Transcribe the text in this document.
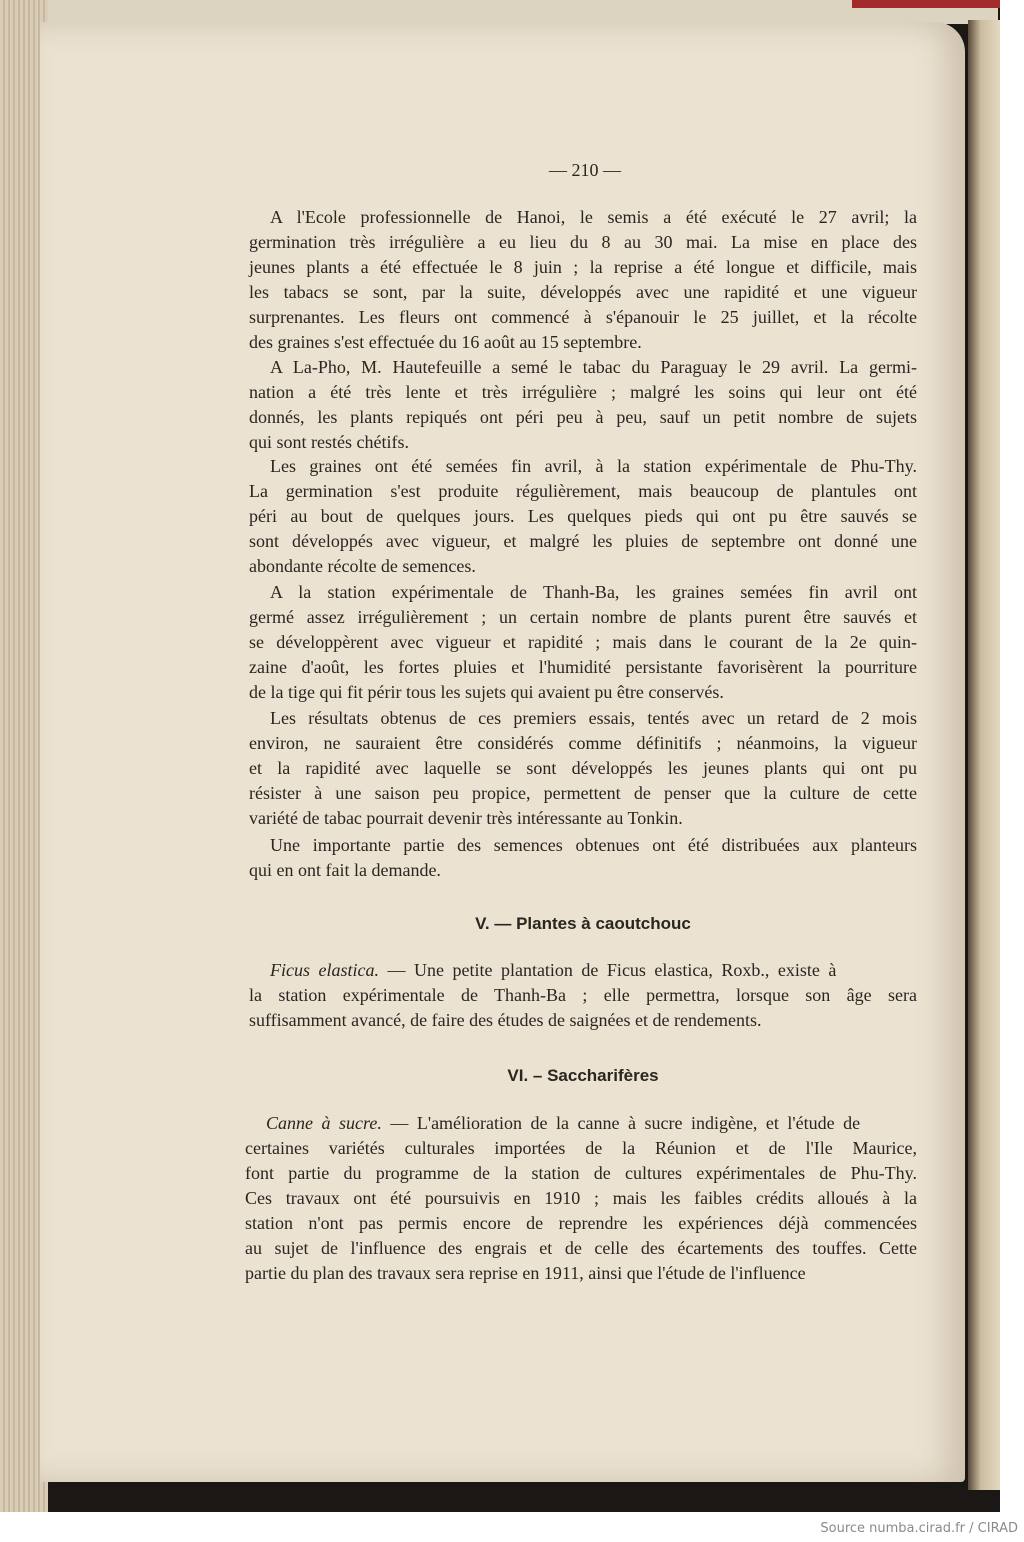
— 210 —
A l'Ecole professionnelle de Hanoi, le semis a été exécuté le 27 avril; la
germination très irrégulière a eu lieu du 8 au 30 mai. La mise en place des
jeunes plants a été effectuée le 8 juin ; la reprise a été longue et difficile, mais
les tabacs se sont, par la suite, développés avec une rapidité et une vigueur
surprenantes. Les fleurs ont commencé à s'épanouir le 25 juillet, et la récolte
des graines s'est effectuée du 16 août au 15 septembre.
A La-Pho, M. Hautefeuille a semé le tabac du Paraguay le 29 avril. La germi-
nation a été très lente et très irrégulière ; malgré les soins qui leur ont été
donnés, les plants repiqués ont péri peu à peu, sauf un petit nombre de sujets
qui sont restés chétifs.
Les graines ont été semées fin avril, à la station expérimentale de Phu-Thy.
La germination s'est produite régulièrement, mais beaucoup de plantules ont
péri au bout de quelques jours. Les quelques pieds qui ont pu être sauvés se
sont développés avec vigueur, et malgré les pluies de septembre ont donné une
abondante récolte de semences.
A la station expérimentale de Thanh-Ba, les graines semées fin avril ont
germé assez irrégulièrement ; un certain nombre de plants purent être sauvés et
se développèrent avec vigueur et rapidité ; mais dans le courant de la 2e quin-
zaine d'août, les fortes pluies et l'humidité persistante favorisèrent la pourriture
de la tige qui fit périr tous les sujets qui avaient pu être conservés.
Les résultats obtenus de ces premiers essais, tentés avec un retard de 2 mois
environ, ne sauraient être considérés comme définitifs ; néanmoins, la vigueur
et la rapidité avec laquelle se sont développés les jeunes plants qui ont pu
résister à une saison peu propice, permettent de penser que la culture de cette
variété de tabac pourrait devenir très intéressante au Tonkin.
Une importante partie des semences obtenues ont été distribuées aux planteurs
qui en ont fait la demande.
V. — Plantes à caoutchouc
Ficus elastica. — Une petite plantation de Ficus elastica, Roxb., existe à
la station expérimentale de Thanh-Ba ; elle permettra, lorsque son âge sera
suffisamment avancé, de faire des études de saignées et de rendements.
VI. – Saccharifères
Canne à sucre. — L'amélioration de la canne à sucre indigène, et l'étude de
certaines variétés culturales importées de la Réunion et de l'Ile Maurice,
font partie du programme de la station de cultures expérimentales de Phu-Thy.
Ces travaux ont été poursuivis en 1910 ; mais les faibles crédits alloués à la
station n'ont pas permis encore de reprendre les expériences déjà commencées
au sujet de l'influence des engrais et de celle des écartements des touffes. Cette
partie du plan des travaux sera reprise en 1911, ainsi que l'étude de l'influence
Source numba.cirad.fr / CIRAD
